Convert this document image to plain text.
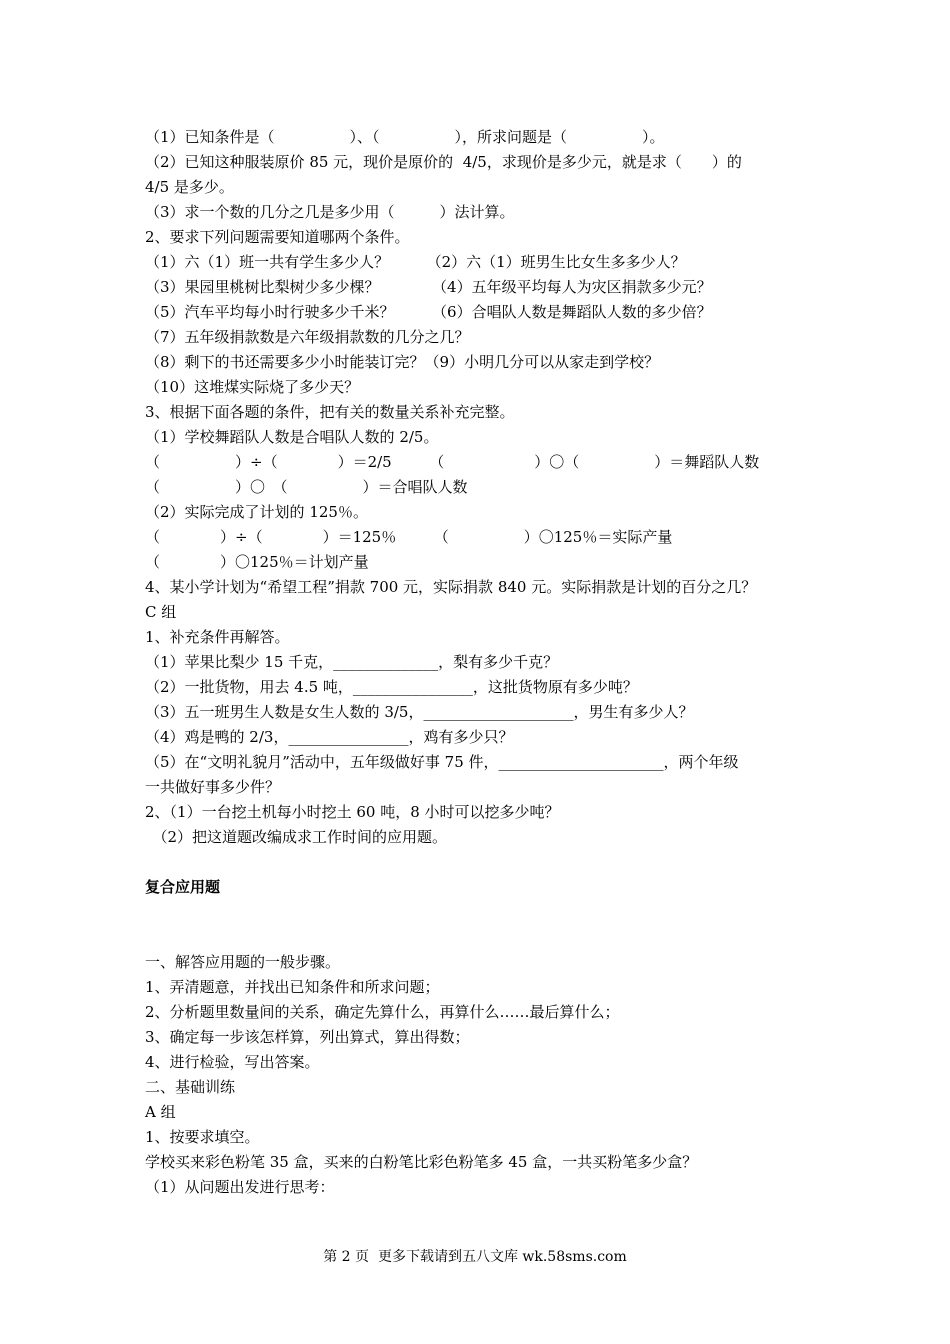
（1）已知条件是（　　　　　）、（　　　　　），所求问题是（　　　　　）。
（2）已知这种服装原价 85 元，现价是原价的  4/5，求现价是多少元，就是求（　　）的
4/5 是多少。
（3）求一个数的几分之几是多少用（　　　）法计算。
2、要求下列问题需要知道哪两个条件。
（1）六（1）班一共有学生多少人？　　　（2）六（1）班男生比女生多多少人？
（3）果园里桃树比梨树少多少棵？　　　　（4）五年级平均每人为灾区捐款多少元？
（5）汽车平均每小时行驶多少千米？　　　（6）合唱队人数是舞蹈队人数的多少倍？
（7）五年级捐款数是六年级捐款数的几分之几？
（8）剩下的书还需要多少小时能装订完？（9）小明几分可以从家走到学校？
（10）这堆煤实际烧了多少天？
3、根据下面各题的条件，把有关的数量关系补充完整。
（1）学校舞蹈队人数是合唱队人数的 2/5。
（　　　　　）÷（　　　　）＝2/5　　　（　　　　　　）〇（　　　　　）＝舞蹈队人数
（　　　　　）〇　（　　　　　）＝合唱队人数
（2）实际完成了计划的 125％。
（　　　　）÷（　　　　）＝125％　　　（　　　　　）〇125％＝实际产量
（　　　　）〇125％＝计划产量
4、某小学计划为“希望工程”捐款 700 元，实际捐款 840 元。实际捐款是计划的百分之几？
C 组
1、补充条件再解答。
（1）苹果比梨少 15 千克，______________，梨有多少千克？
（2）一批货物，用去 4.5 吨，________________，这批货物原有多少吨？
（3）五一班男生人数是女生人数的 3/5，____________________，男生有多少人？
（4）鸡是鸭的 2/3，________________，鸡有多少只？
（5）在“文明礼貌月”活动中，五年级做好事 75 件，______________________，两个年级
一共做好事多少件？
2、（1）一台挖土机每小时挖土 60 吨，8 小时可以挖多少吨？
　（2）把这道题改编成求工作时间的应用题。
复合应用题
一、解答应用题的一般步骤。
1、弄清题意，并找出已知条件和所求问题；
2、分析题里数量间的关系，确定先算什么，再算什么……最后算什么；
3、确定每一步该怎样算，列出算式，算出得数；
4、进行检验，写出答案。
二、基础训练
A 组
1、按要求填空。
学校买来彩色粉笔 35 盒，买来的白粉笔比彩色粉笔多 45 盒，一共买粉笔多少盒？
（1）从问题出发进行思考：
第 2 页  更多下载请到五八文库 wk.58sms.com
